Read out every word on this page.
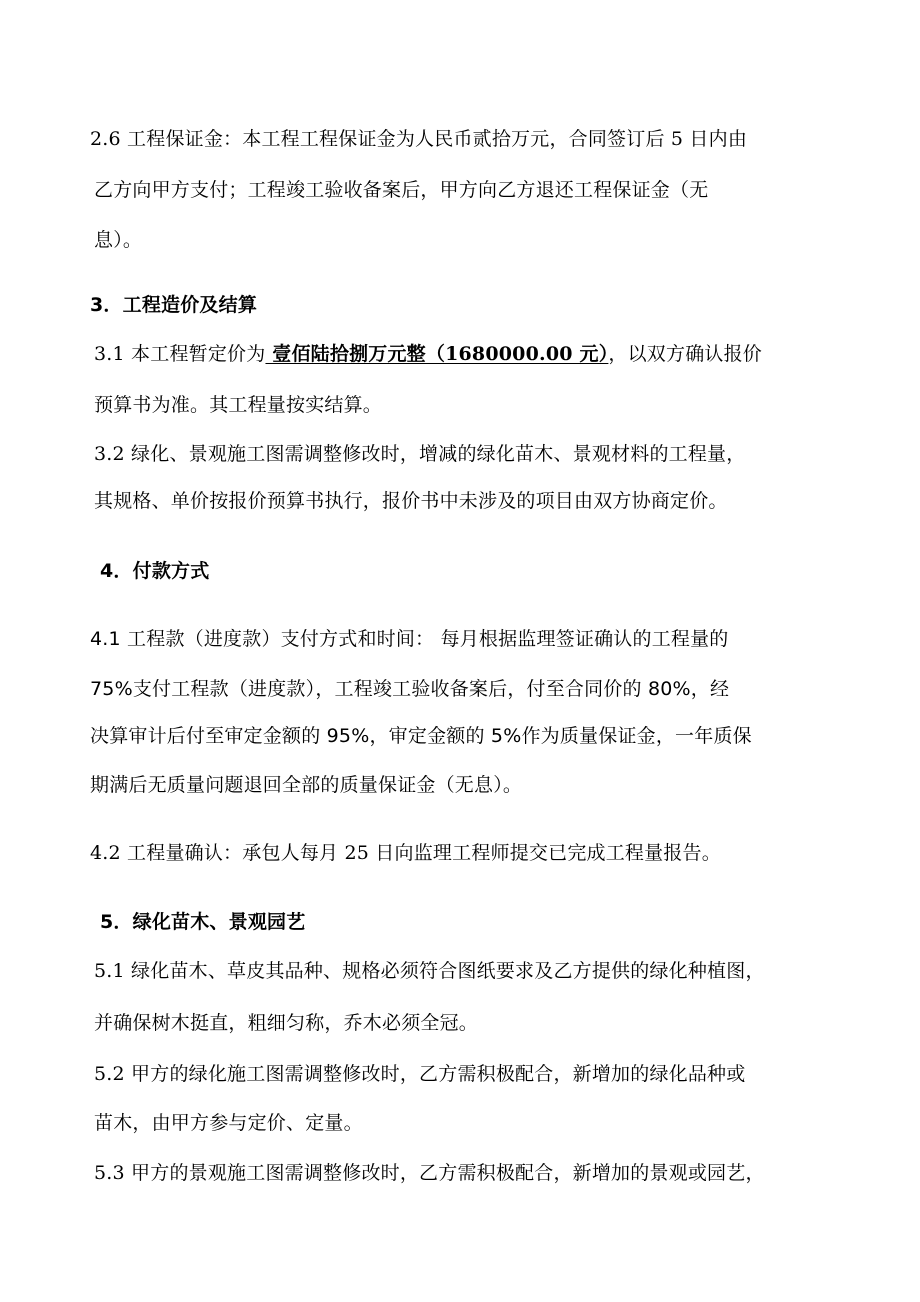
2.6 工程保证金：本工程工程保证金为人民币贰拾万元，合同签订后 5 日内由
乙方向甲方支付；工程竣工验收备案后，甲方向乙方退还工程保证金（无
息）。
3．工程造价及结算
3.1 本工程暂定价为 壹佰陆拾捌万元整（1680000.00 元），以双方确认报价
预算书为准。其工程量按实结算。
3.2 绿化、景观施工图需调整修改时，增减的绿化苗木、景观材料的工程量，
其规格、单价按报价预算书执行，报价书中未涉及的项目由双方协商定价。
4．付款方式
4.1 工程款（进度款）支付方式和时间： 每月根据监理签证确认的工程量的
75%支付工程款（进度款），工程竣工验收备案后，付至合同价的 80%，经
决算审计后付至审定金额的 95%，审定金额的 5%作为质量保证金，一年质保
期满后无质量问题退回全部的质量保证金（无息）。
4.2 工程量确认：承包人每月 25 日向监理工程师提交已完成工程量报告。
5．绿化苗木、景观园艺
5.1 绿化苗木、草皮其品种、规格必须符合图纸要求及乙方提供的绿化种植图，
并确保树木挺直，粗细匀称，乔木必须全冠。
5.2 甲方的绿化施工图需调整修改时，乙方需积极配合，新增加的绿化品种或
苗木，由甲方参与定价、定量。
5.3 甲方的景观施工图需调整修改时，乙方需积极配合，新增加的景观或园艺，
